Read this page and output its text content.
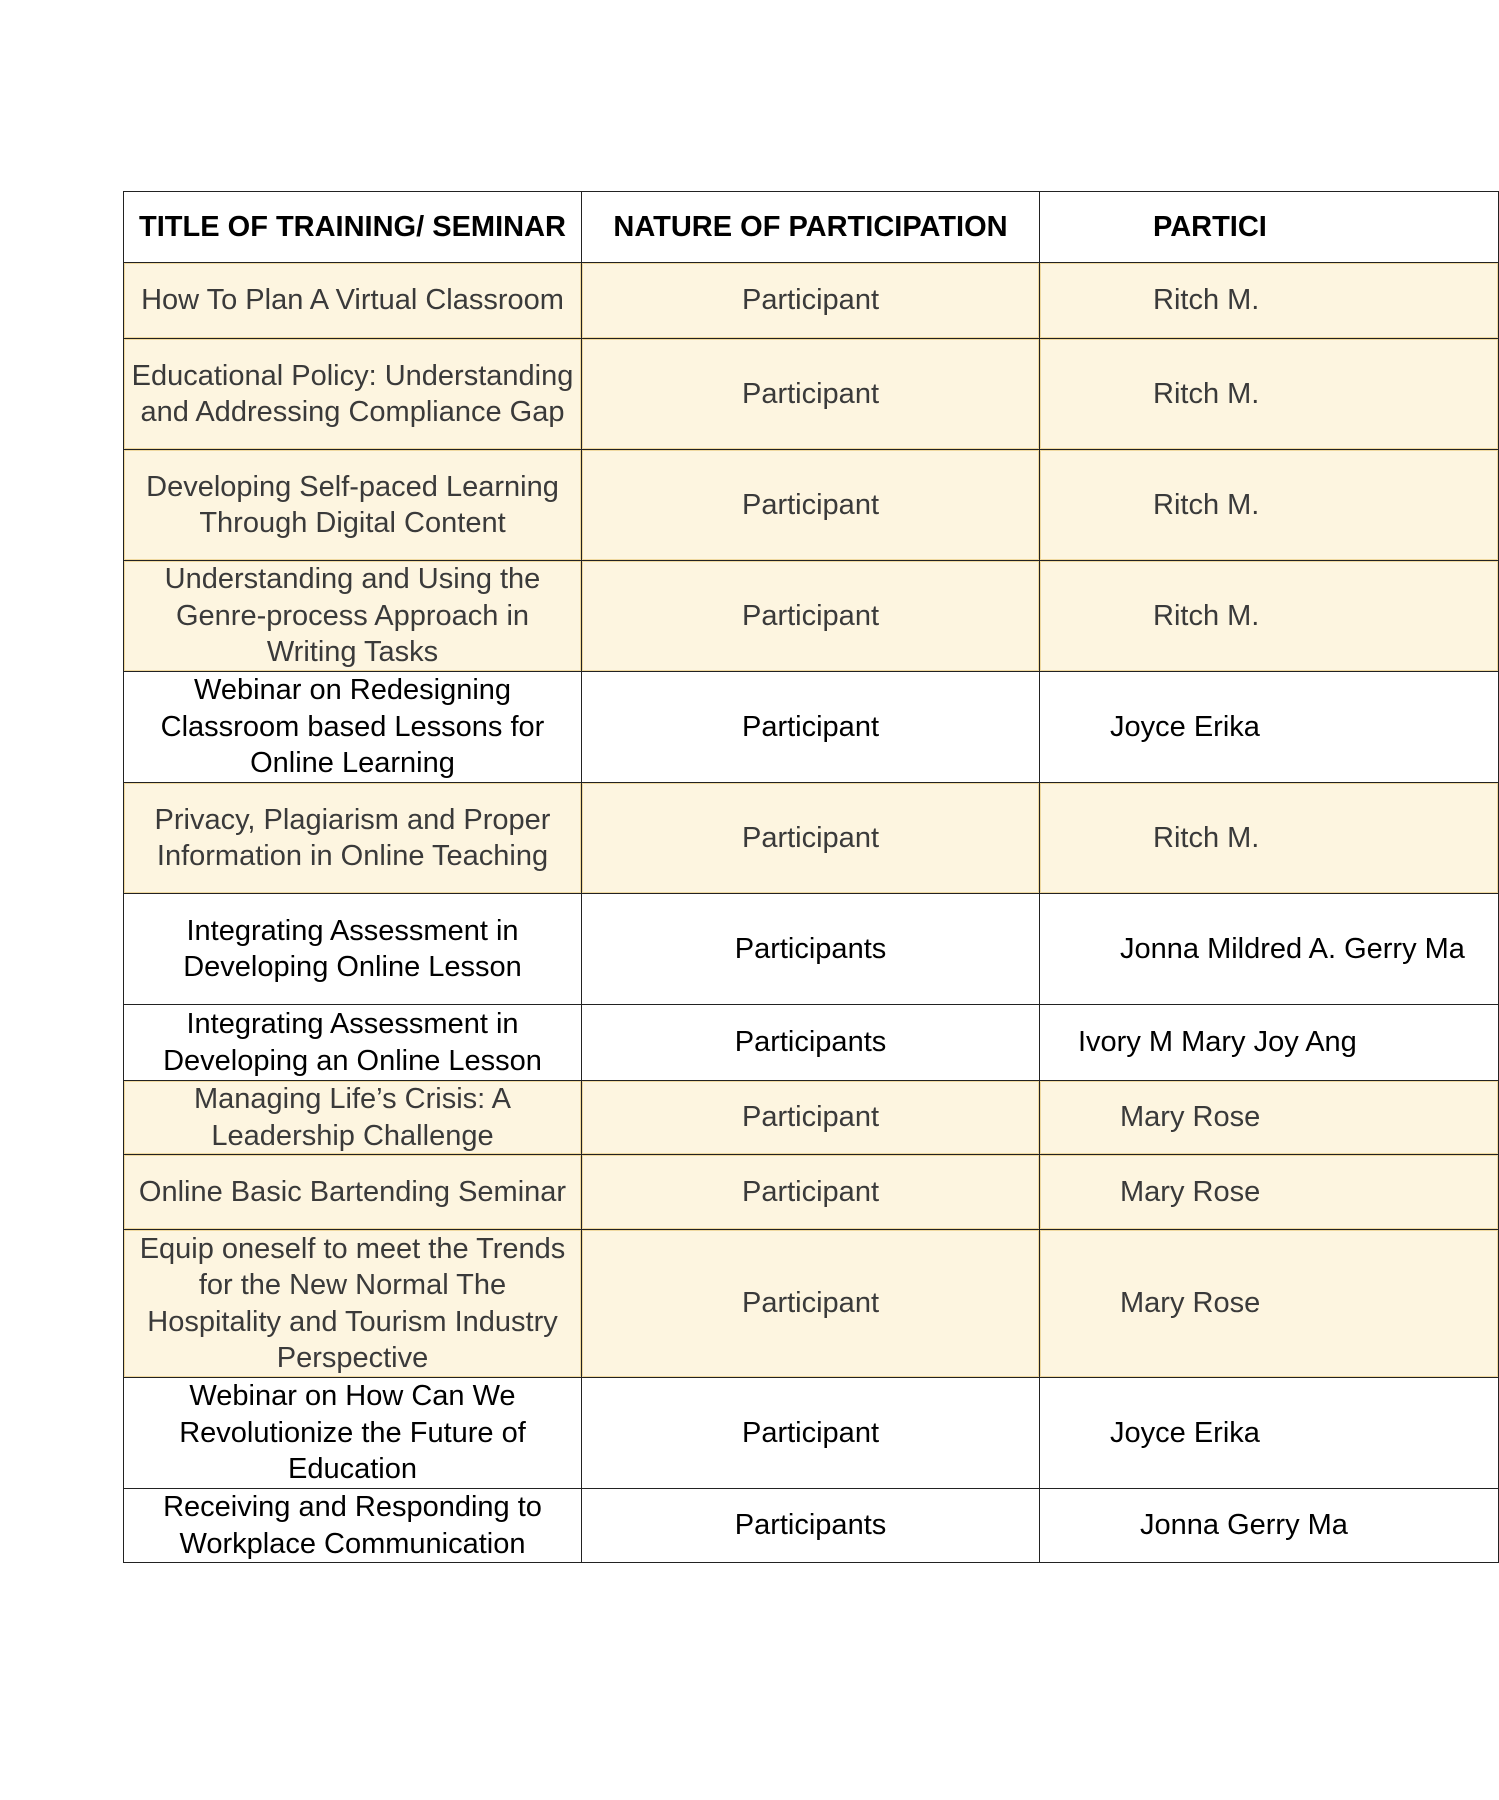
TITLE OF TRAINING/ SEMINAR	NATURE OF PARTICIPATION	PARTICI
How To Plan A Virtual Classroom	Participant	Ritch M.
Educational Policy: Understanding and Addressing Compliance Gap	Participant	Ritch M.
Developing Self-paced Learning Through Digital Content	Participant	Ritch M.
Understanding and Using the Genre-process Approach in Writing Tasks	Participant	Ritch M.
Webinar on Redesigning Classroom based Lessons for Online Learning	Participant	Joyce Erika
Privacy, Plagiarism and Proper Information in Online Teaching	Participant	Ritch M.
Integrating Assessment in Developing Online Lesson	Participants	Jonna Mildred A. Gerry Ma
Integrating Assessment in Developing an Online Lesson	Participants	Ivory M Mary Joy Ang
Managing Life’s Crisis: A Leadership Challenge	Participant	Mary Rose
Online Basic Bartending Seminar	Participant	Mary Rose
Equip oneself to meet the Trends for the New Normal The Hospitality and Tourism Industry Perspective	Participant	Mary Rose
Webinar on How Can We Revolutionize the Future of Education	Participant	Joyce Erika
Receiving and Responding to Workplace Communication	Participants	Jonna Gerry Ma
